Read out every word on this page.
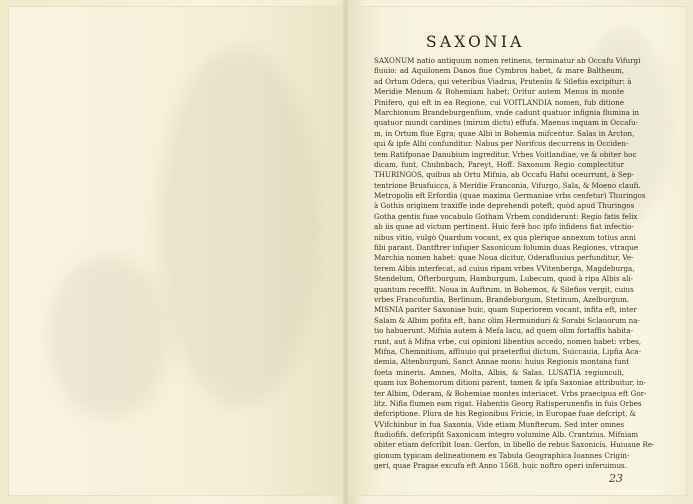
SAXONIA
SAXONUM natio antiquum nomen retinens, terminatur ab Occafu Vifurgi
fluuio: ad Aquilonem Danos fiue Cymbros habet, & mare Baltheum,
ad Ortum Odera, qui veteribus Viadrus, Pruteniis & Silefiis excipitur: à
Meridie Menum & Bohemiam habet: Oritur autem Menus in monte
Pinifero, qui eft in ea Regione, cui VOITLANDIA nomen, fub ditione
Marchionum Brandeburgenfium, vnde cadunt quatuor infignia flumina in
quatuor mundi cardines (mirum dictu) effufa. Maenus inquam in Occafu-
m, in Ortum flue Egra; quae Albi in Bohemia mifcentur. Salas in Arcton,
qui & ipfe Albi confunditur. Nabus per Norifcos decurrens in Occiden-
tem Ratifponae Danubium ingreditur. Vrbes Voitlandiae, ve & obiter hoc
dicam, funt, Chulmbach, Pareyt, Hoff. Saxonum Regio complectitur
THURINGOS, quibus ab Ortu Mifnia, ab Occafu Hafsi oceurrunt, à Sep-
tentrione Brusfuicca, à Meridie Franconia, Vifurgo, Sala, & Moeno claufi.
Metropolis eft Erfordia (quae maxima Germaniae vrbs cenfetur) Thuringos
à Gothis originem traxiffe inde deprehendi poteft, quòd apud Thuringos
Gotha gentis fuae vocabulo Gotham Vrbem condiderunt: Regio fatis felix
ab iis quae ad victum pertinent. Huic ferè hoc ipfo infidens fiat infectio-
nibus vitio, vulgò Quardum vocant, ex qua plerique annexum totius anni
fibi parant. Dantftrer infuper Saxonicum folumin duas Regiones, vtraque
Marchia nomen habet: quae Noua dicitur, Oderafluuius perfunditur, Ve-
terem Albis interfecat, ad cuius ripam vrbes VVitenberga, Magdeburga,
Stendelum, Ofterburgum, Hamburgum, Lubecum, quod à ripa Albis ali-
quantum receffit. Noua in Auftrum, in Bohemos, & Silefios vergit, cuius
vrbes Francofurdia, Berlinum, Brandeburgum, Stetinum, Azelburgum.
MISNIA pariter Saxoniae huic, quam Superiorem vocant, infita eft, inter
Salam & Albim pofita eft, hanc olim Hermunduri & Sorabi Sclauorum na-
tio habuerunt. Mifnia autem à Mefa lacu, ad quem olim fortaffis habita-
runt, aut à Mifna vrbe, cui opinioni libentius accedo, nomen habet: vrbes,
Mifna, Chemnitium, affluuio qui praeterflui dictum, Suiccauia, Lipfia Aca-
demia, Altenburgum, Sanct Annae mons: huius Regionis montana funt
foeta mineris. Amnes, Molta, Albis, & Salas. LUSATIA regiunculi,
quam iux Bohemorum ditioni parent, tamen & ipfa Saxoniae attribuitur, in-
ter Albim, Oderam, & Bohemiae montes interiacet. Vrbs praecipua eft Gor-
litz. Nifla flumen eam rigat. Habentis Georg Ratisperunenfis in fuis Orbes
defcriptione. Plura de his Regionibus Fricie, in Europae fuae defcript, &
VVifchinbur in fua Saxonia. Vide etiam Munfterum. Sed inter omnes
ftudiofifs. defcripfit Saxonicam integro volumine Alb. Crantzius. Mifniam
obiter etiam defcribit Ioan. Gerfon, in libello de rebus Saxonicis. Huiusue Re-
gionum typicam delineationem ex Tabula Geographica Ioannes Crigin-
geri, quae Pragae excufa eft Anno 1568. huic noftro operi inferuimus.
23
